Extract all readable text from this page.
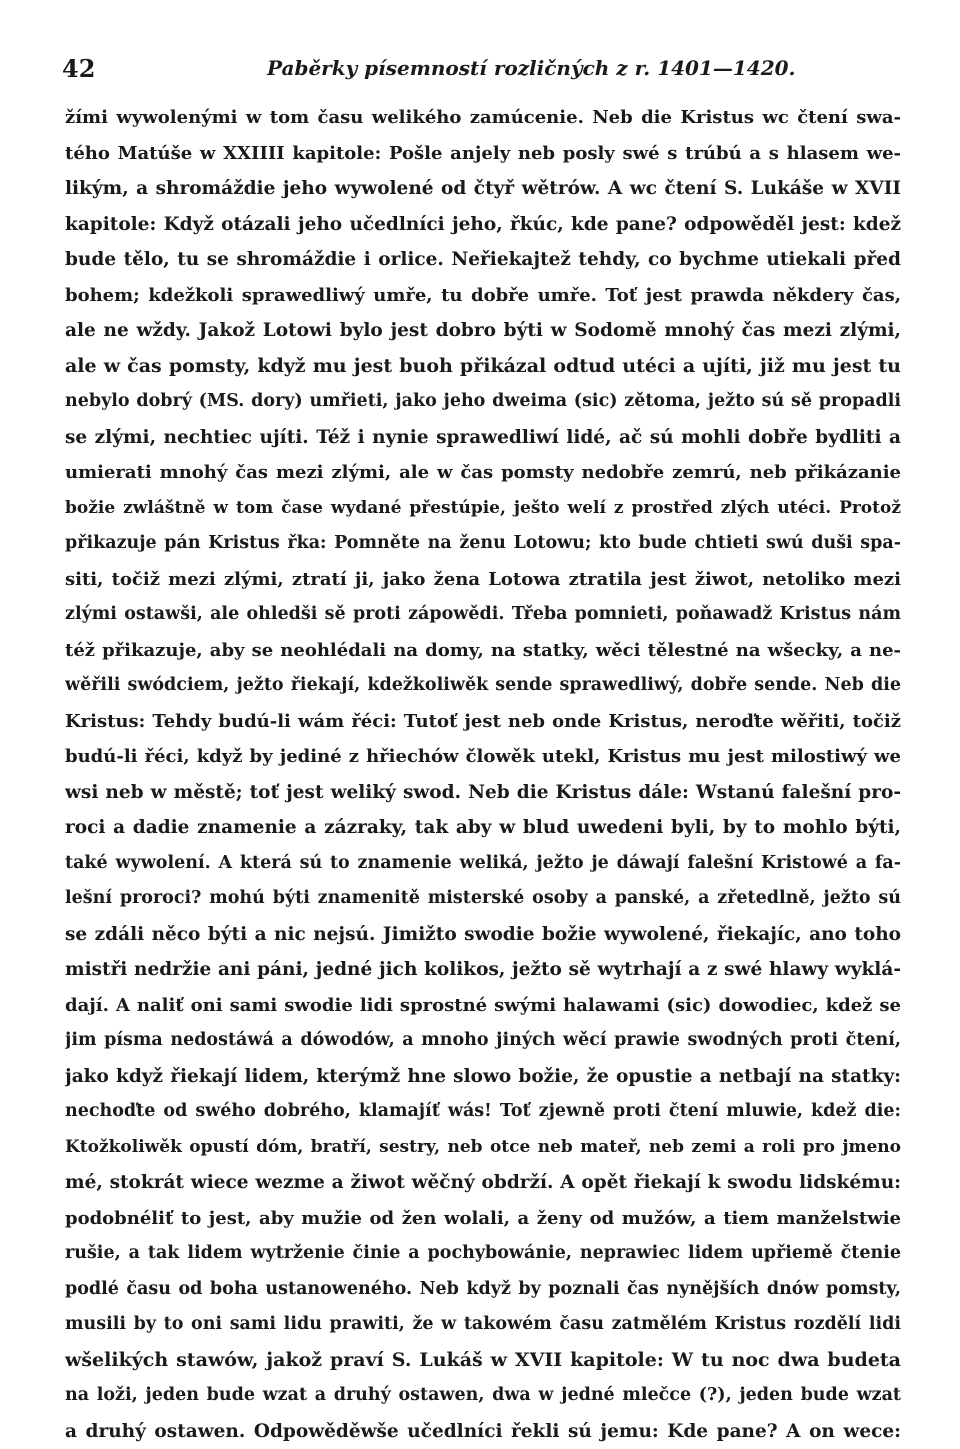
42	Paběrky písemností rozličných z r. 1401—1420.
žími wywolenými w tom času welikého zamúcenie. Neb die Kristus wc čtení swa-
tého Matúše w XXIIII kapitole: Pošle anjely neb posly swé s trúbú a s hlasem we-
likým, a shromáždie jeho wywolené od čtyř wětrów. A wc čtení S. Lukáše w XVII
kapitole: Když otázali jeho učedlníci jeho, řkúc, kde pane? odpowěděl jest: kdež
bude tělo, tu se shromáždie i orlice. Neřiekajtež tehdy, co bychme utiekali před
bohem; kdežkoli sprawedliwý umře, tu dobře umře. Toť jest prawda někdery čas,
ale ne wždy. Jakož Lotowi bylo jest dobro býti w Sodomě mnohý čas mezi zlými,
ale w čas pomsty, když mu jest buoh přikázal odtud utéci a ujíti, již mu jest tu
nebylo dobrý (MS. dory) umřieti, jako jeho dweima (sic) zětoma, ježto sú sě propadli
se zlými, nechtiec ujíti. Též i nynie sprawedliwí lidé, ač sú mohli dobře bydliti a
umierati mnohý čas mezi zlými, ale w čas pomsty nedobře zemrú, neb přikázanie
božie zwláštně w tom čase wydané přestúpie, ješto welí z prostřed zlých utéci. Protož
přikazuje pán Kristus řka: Pomněte na ženu Lotowu; kto bude chtieti swú duši spa-
siti, točiž mezi zlými, ztratí ji, jako žena Lotowa ztratila jest žiwot, netoliko mezi
zlými ostawši, ale ohledši sě proti zápowědi. Třeba pomnieti, poňawadž Kristus nám
též přikazuje, aby se neohlédali na domy, na statky, wěci tělestné na wšecky, a ne-
wěřili swódciem, ježto řiekají, kdežkoliwěk sende sprawedliwý, dobře sende. Neb die
Kristus: Tehdy budú-li wám řéci: Tutoť jest neb onde Kristus, neroďte wěřiti, točiž
budú-li řéci, když by jediné z hřiechów člowěk utekl, Kristus mu jest milostiwý we
wsi neb w městě; toť jest weliký swod. Neb die Kristus dále: Wstanú falešní pro-
roci a dadie znamenie a zázraky, tak aby w blud uwedeni byli, by to mohlo býti,
také wywolení. A která sú to znamenie weliká, ježto je dáwají falešní Kristowé a fa-
lešní proroci? mohú býti znamenitě misterské osoby a panské, a zřetedlně, ježto sú
se zdáli něco býti a nic nejsú. Jimižto swodie božie wywolené, řiekajíc, ano toho
mistři nedržie ani páni, jedné jich kolikos, ježto sě wytrhají a z swé hlawy wyklá-
dají. A naliť oni sami swodie lidi sprostné swými halawami (sic) dowodiec, kdež se
jim písma nedostáwá a dówodów, a mnoho jiných wěcí prawie swodných proti čtení,
jako když řiekají lidem, kterýmž hne slowo božie, že opustie a netbají na statky:
nechoďte od swého dobrého, klamajíť wás! Toť zjewně proti čtení mluwie, kdež die:
Ktožkoliwěk opustí dóm, bratří, sestry, neb otce neb mateř, neb zemi a roli pro jmeno
mé, stokrát wiece wezme a žiwot wěčný obdrží. A opět řiekají k swodu lidskému:
podobnéliť to jest, aby mužie od žen wolali, a ženy od mužów, a tiem manželstwie
rušie, a tak lidem wytrženie činie a pochybowánie, neprawiec lidem upřiemě čtenie
podlé času od boha ustanoweného. Neb když by poznali čas nynějších dnów pomsty,
musili by to oni sami lidu prawiti, že w takowém času zatmělém Kristus rozdělí lidi
wšelikých stawów, jakož praví S. Lukáš w XVII kapitole: W tu noc dwa budeta
na loži, jeden bude wzat a druhý ostawen, dwa w jedné mlečce (?), jeden bude wzat
a druhý ostawen. Odpowěděwše učedlníci řekli sú jemu: Kde pane? A on wece:
